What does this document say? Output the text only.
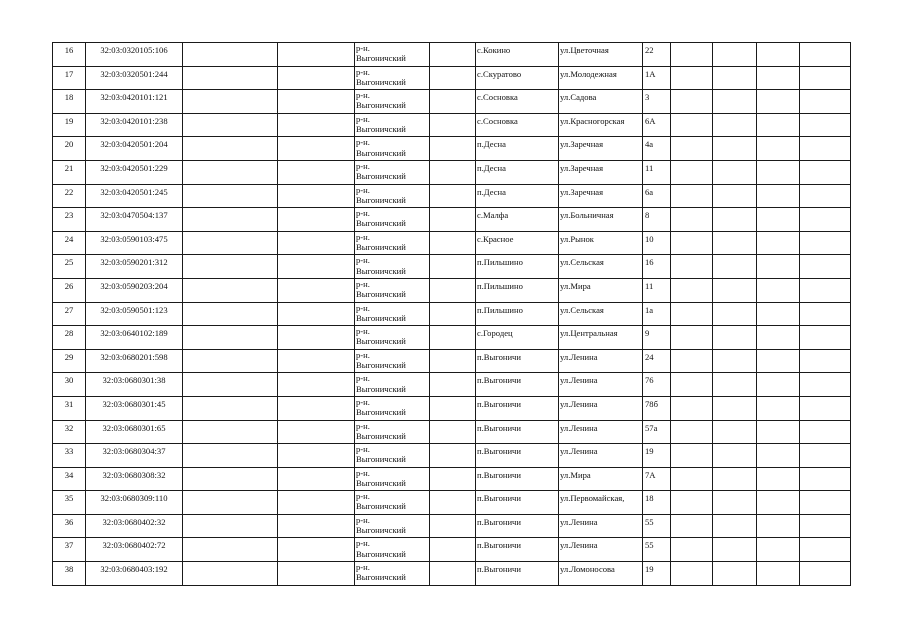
16	32:03:0320105:106			р-н.
Выгоничский		с.Кокино	ул.Цветочная	22				
17	32:03:0320501:244			р-н.
Выгоничский		с.Скуратово	ул.Молодежная	1А				
18	32:03:0420101:121			р-н.
Выгоничский		с.Сосновка	ул.Садова	3				
19	32:03:0420101:238			р-н.
Выгоничский		с.Сосновка	ул.Красногорская	6А				
20	32:03:0420501:204			р-н.
Выгоничский		п.Десна	ул.Заречная	4а				
21	32:03:0420501:229			р-н.
Выгоничский		п.Десна	ул.Заречная	11				
22	32:03:0420501:245			р-н.
Выгоничский		п.Десна	ул.Заречная	6а				
23	32:03:0470504:137			р-н.
Выгоничский		с.Малфа	ул.Больничная	8				
24	32:03:0590103:475			р-н.
Выгоничский		с.Красное	ул.Рынок	10				
25	32:03:0590201:312			р-н.
Выгоничский		п.Пильшино	ул.Сельская	16				
26	32:03:0590203:204			р-н.
Выгоничский		п.Пильшино	ул.Мира	11				
27	32:03:0590501:123			р-н.
Выгоничский		п.Пильшино	ул.Сельская	1а				
28	32:03:0640102:189			р-н.
Выгоничский		с.Городец	ул.Центральная	9				
29	32:03:0680201:598			р-н.
Выгоничский		п.Выгоничи	ул.Ленина	24				
30	32:03:0680301:38			р-н.
Выгоничский		п.Выгоничи	ул.Ленина	76				
31	32:03:0680301:45			р-н.
Выгоничский		п.Выгоничи	ул.Ленина	78б				
32	32:03:0680301:65			р-н.
Выгоничский		п.Выгоничи	ул.Ленина	57а				
33	32:03:0680304:37			р-н.
Выгоничский		п.Выгоничи	ул.Ленина	19				
34	32:03:0680308:32			р-н.
Выгоничский		п.Выгоничи	ул.Мира	7А				
35	32:03:0680309:110			р-н.
Выгоничский		п.Выгоничи	ул.Первомайская,	18				
36	32:03:0680402:32			р-н.
Выгоничский		п.Выгоничи	ул.Ленина	55				
37	32:03:0680402:72			р-н.
Выгоничский		п.Выгоничи	ул.Ленина	55				
38	32:03:0680403:192			р-н.
Выгоничский		п.Выгоничи	ул.Ломоносова	19				
